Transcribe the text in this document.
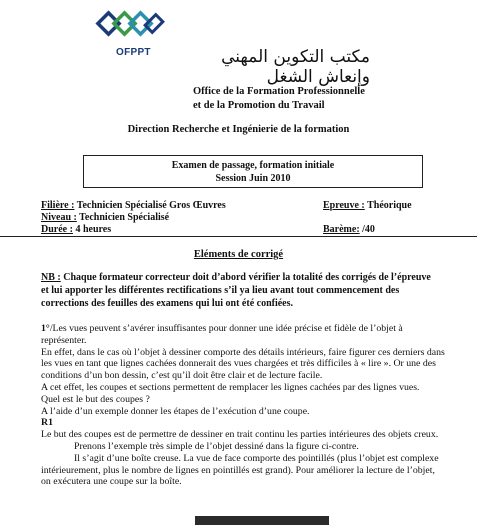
OFPPT	مكتب التكوين المهني وإنعاش الشغل
Office de la Formation Professionnelle
et de la Promotion du Travail
Direction Recherche et Ingénierie de la formation
Examen de passage, formation initiale
Session Juin 2010
Filière : Technicien Spécialisé Gros Œuvres
Niveau : Technicien Spécialisé
Durée : 4 heures
Epreuve : Théorique
Barème: /40
Eléments de corrigé
NB : Chaque formateur correcteur doit d’abord vérifier la totalité des corrigés de l’épreuve et lui apporter les différentes rectifications s’il ya lieu avant tout commencement des corrections des feuilles des examens qui lui ont été confiées.

1°/Les vues peuvent s’avérer insuffisantes pour donner une idée précise et fidèle de l’objet à représenter.

En effet, dans le cas où l’objet à dessiner comporte des détails intérieurs, faire figurer ces derniers dans les vues en tant que lignes cachées donnerait des vues chargées et très difficiles à « lire ». Or une des conditions d’un bon dessin, c’est qu’il doit être clair et de lecture facile.

A cet effet, les coupes et sections permettent de remplacer les lignes cachées par des lignes vues.

Quel est le but des coupes ?

A l’aide d’un exemple donner les étapes de l’exécution d’une coupe.

R1

Le but des coupes est de permettre de dessiner en trait continu les parties intérieures des objets creux.

Prenons l’exemple très simple de l’objet dessiné dans la figure ci-contre.

Il s’agit d’une boîte creuse. La vue de face comporte des pointillés (plus l’objet est complexe intérieurement, plus le nombre de lignes en pointillés est grand). Pour améliorer la lecture de l’objet, on exécutera une coupe sur la boîte.
